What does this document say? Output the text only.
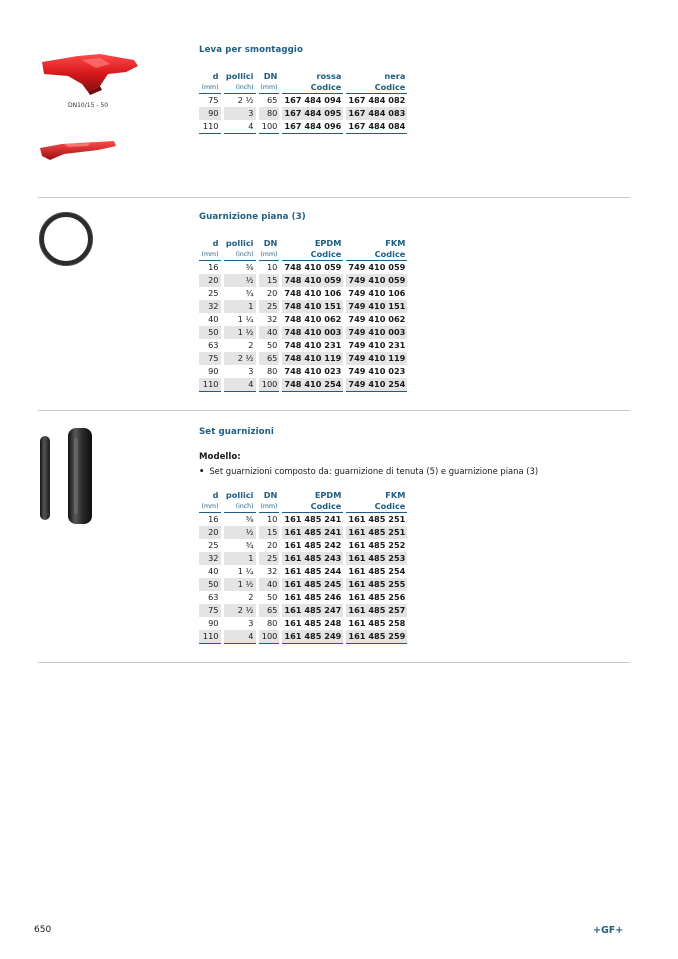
DN10/15 - 50
Leva per smontaggio
d	pollici	DN	rossa	nera
(mm)	(inch)	(mm)	Codice	Codice
75	2 ½	65	167 484 094	167 484 082
90	3	80	167 484 095	167 484 083
110	4	100	167 484 096	167 484 084
Guarnizione piana (3)
d	pollici	DN	EPDM	FKM
(mm)	(inch)	(mm)	Codice	Codice
16	⅜	10	748 410 059	749 410 059
20	½	15	748 410 059	749 410 059
25	¾	20	748 410 106	749 410 106
32	1	25	748 410 151	749 410 151
40	1 ¼	32	748 410 062	749 410 062
50	1 ½	40	748 410 003	749 410 003
63	2	50	748 410 231	749 410 231
75	2 ½	65	748 410 119	749 410 119
90	3	80	748 410 023	749 410 023
110	4	100	748 410 254	749 410 254
Set guarnizioni
Modello:
• Set guarnizioni composto da: guarnizione di tenuta (5) e guarnizione piana (3)
d	pollici	DN	EPDM	FKM
(mm)	(inch)	(mm)	Codice	Codice
16	⅜	10	161 485 241	161 485 251
20	½	15	161 485 241	161 485 251
25	¾	20	161 485 242	161 485 252
32	1	25	161 485 243	161 485 253
40	1 ¼	32	161 485 244	161 485 254
50	1 ½	40	161 485 245	161 485 255
63	2	50	161 485 246	161 485 256
75	2 ½	65	161 485 247	161 485 257
90	3	80	161 485 248	161 485 258
110	4	100	161 485 249	161 485 259
650	+GF+
